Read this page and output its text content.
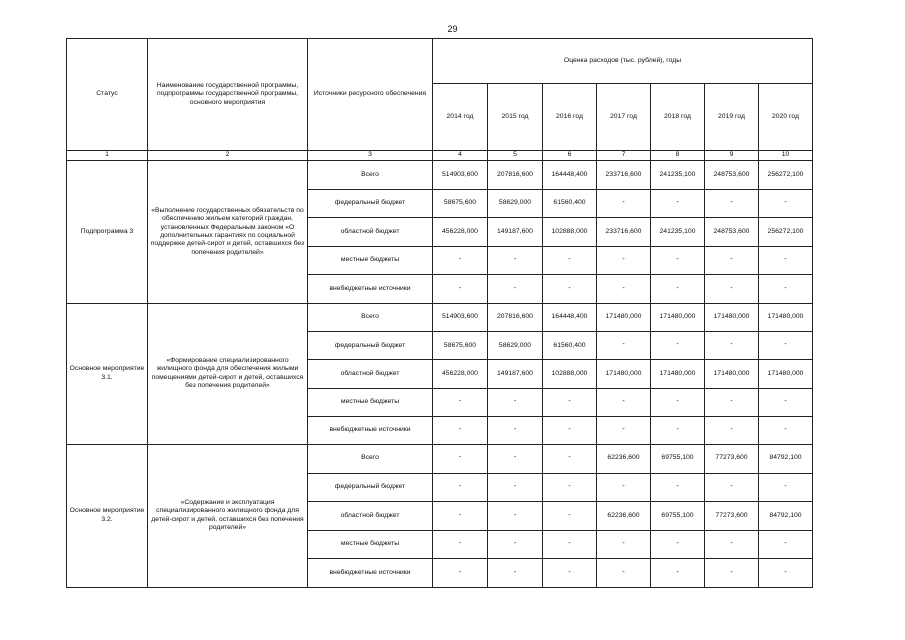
29
Статус	Наименование государственной программы, подпрограммы государственной программы, основного мероприятия	Источники ресурсного обеспечения	Оценка расходов (тыс. рублей), годы						
			2014 год	2015 год	2016 год	2017 год	2018 год	2019 год	2020 год
1	2	3	4	5	6	7	8	9	10
Подпрограмма 3	«Выполнение государственных обязательств по обеспечению жильем категорий граждан, установленных Федеральным законом «О дополнительных гарантиях по социальной поддержке детей-сирот и детей, оставшихся без попечения родителей»	Всего	514903,600	207816,600	164448,400	233716,600	241235,100	248753,600	256272,100
		федеральный бюджет	58675,600	58629,000	61560,400	-	-	-	-
		областной бюджет	456228,000	149187,600	102888,000	233716,600	241235,100	248753,600	256272,100
		местные бюджеты	-	-	-	-	-	-	-
		внебюджетные источники	-	-	-	-	-	-	-
Основное мероприятие 3.1.	«Формирование специализированного жилищного фонда для обеспечения жилыми помещениями детей-сирот и детей, оставшихся без попечения родителей»	Всего	514903,600	207816,600	164448,400	171480,000	171480,000	171480,000	171480,000
		федеральный бюджет	58675,600	58629,000	61560,400	-	-	-	-
		областной бюджет	456228,000	149187,600	102888,000	171480,000	171480,000	171480,000	171480,000
		местные бюджеты	-	-	-	-	-	-	-
		внебюджетные источники	-	-	-	-	-	-	-
Основное мероприятие 3.2.	«Содержание и эксплуатация специализированного жилищного фонда для детей-сирот и детей, оставшихся без попечения родителей»	Всего	-	-	-	62236,600	69755,100	77273,600	84792,100
		федеральный бюджет	-	-	-	-	-	-	-
		областной бюджет	-	-	-	62236,600	69755,100	77273,600	84792,100
		местные бюджеты	-	-	-	-	-	-	-
		внебюджетные источники	-	-	-	-	-	-	-
